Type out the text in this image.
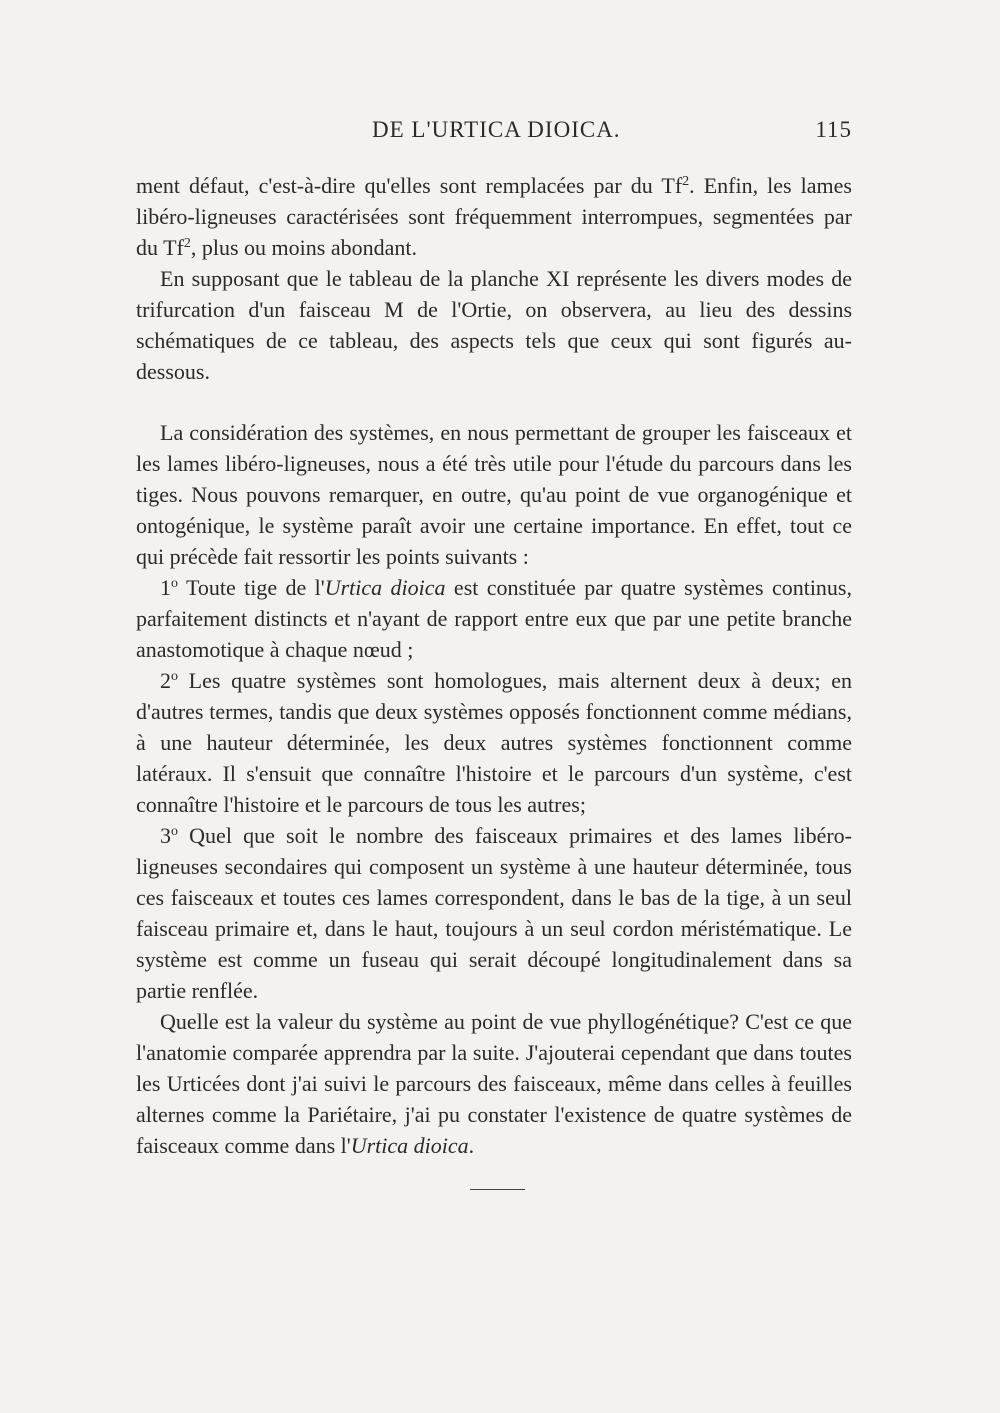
DE L'URTICA DIOICA.	115

ment défaut, c'est-à-dire qu'elles sont remplacées par du Tf$^2$. Enfin, les lames libéro-ligneuses caractérisées sont fréquemment interrompues, segmentées par du Tf$^2$, plus ou moins abondant.

En supposant que le tableau de la planche XI représente les divers modes de trifurcation d'un faisceau M de l'Ortie, on observera, au lieu des dessins schématiques de ce tableau, des aspects tels que ceux qui sont figurés au-dessous.

La considération des systèmes, en nous permettant de grouper les faisceaux et les lames libéro-ligneuses, nous a été très utile pour l'étude du parcours dans les tiges. Nous pouvons remarquer, en outre, qu'au point de vue organogénique et ontogénique, le système paraît avoir une certaine importance. En effet, tout ce qui précède fait ressortir les points suivants :

1$^o$ Toute tige de l'Urtica dioica est constituée par quatre systèmes continus, parfaitement distincts et n'ayant de rapport entre eux que par une petite branche anastomotique à chaque nœud ;

2$^o$ Les quatre systèmes sont homologues, mais alternent deux à deux; en d'autres termes, tandis que deux systèmes opposés fonctionnent comme médians, à une hauteur déterminée, les deux autres systèmes fonctionnent comme latéraux. Il s'ensuit que connaître l'histoire et le parcours d'un système, c'est connaître l'histoire et le parcours de tous les autres;

3$^o$ Quel que soit le nombre des faisceaux primaires et des lames libéro-ligneuses secondaires qui composent un système à une hauteur déterminée, tous ces faisceaux et toutes ces lames correspondent, dans le bas de la tige, à un seul faisceau primaire et, dans le haut, toujours à un seul cordon méristématique. Le système est comme un fuseau qui serait découpé longitudinalement dans sa partie renflée.

Quelle est la valeur du système au point de vue phyllogénétique? C'est ce que l'anatomie comparée apprendra par la suite. J'ajouterai cependant que dans toutes les Urticées dont j'ai suivi le parcours des faisceaux, même dans celles à feuilles alternes comme la Pariétaire, j'ai pu constater l'existence de quatre systèmes de faisceaux comme dans l'Urtica dioica.
